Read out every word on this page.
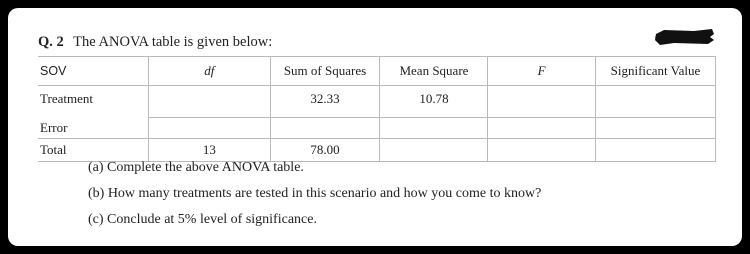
Q. 2 The ANOVA table is given below:
SOV	df	Sum of Squares	Mean Square	F	Significant Value
Treatment		32.33	10.78		
Error					
Total	13	78.00			
(a) Complete the above ANOVA table.
(b) How many treatments are tested in this scenario and how you come to know?
(c) Conclude at 5% level of significance.
